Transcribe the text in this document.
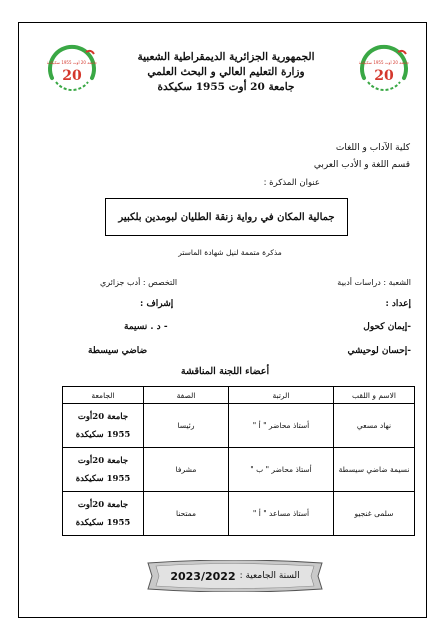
جامعة 20 أوت 1955 سكيكدة
20
جامعة 20 أوت 1955 سكيكدة
20
الجمهورية الجزائرية الديمقراطية الشعبية
وزارة التعليم العالي و البحث العلمي
جامعة 20 أوت 1955 سكيكدة
كلية الآداب و اللغات
قسم اللغة و الأدب العربي
عنوان المذكرة :
جمالية المكان في رواية زنقة الطليان لبومدين بلكبير
مذكرة متممة لنيل شهادة الماستر
الشعبة : دراسات أدبية
التخصص : أدب جزائري
إعداد :
إشراف :
-إيمان كحول
- د . نسيمة
-إحسان لوحيشي
ضاضي سيسطة
أعضاء اللجنة المناقشة
الاسم و اللقب	الرتبة	الصفة	الجامعة
نهاد مسعي	أستاذ محاضر " أ "	رئيسا	جامعة 20أوت
1955 سكيكدة

نسيمة ضاضي سيسطة	أستاذ محاضر " ب "	مشرفا	جامعة 20أوت
1955 سكيكدة

سلمى غنجيو	أستاذ مساعد " أ "	ممتحنا	جامعة 20أوت
1955 سكيكدة
السنة الجامعية :
2023/2022
